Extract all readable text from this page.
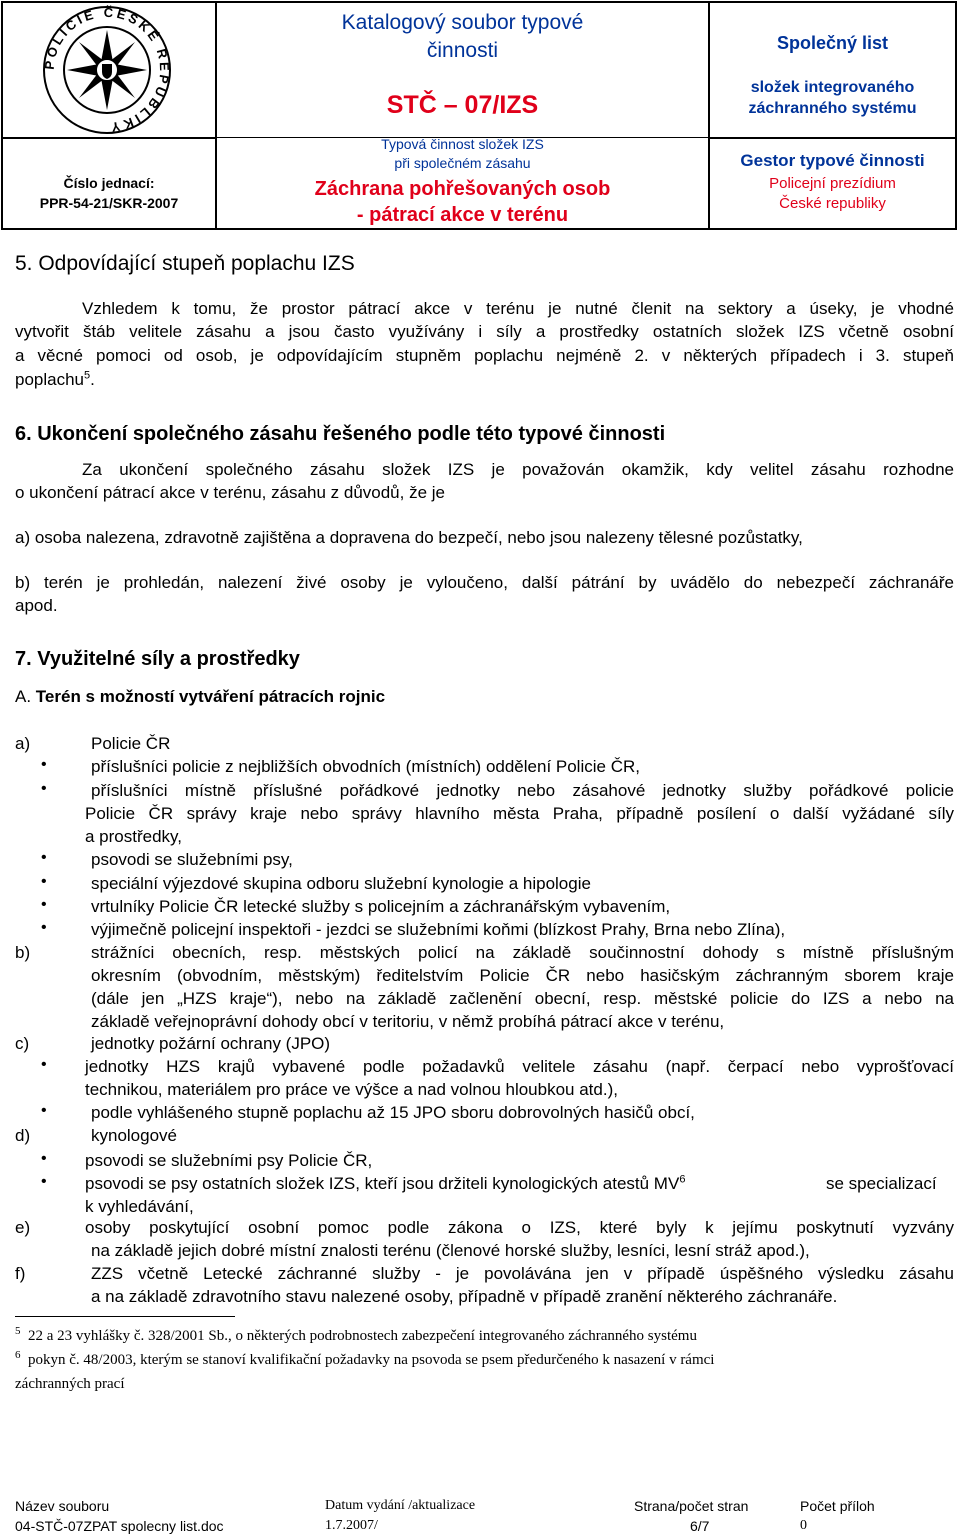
POLICIE ČESKÉ REPUBLIKY
Číslo jednací:
PPR-54-21/SKR-2007
Katalogový soubor typové
činnosti
STČ – 07/IZS
Typová činnost složek IZS
při společném zásahu
Záchrana pohřešovaných osob
- pátrací akce v terénu
Společný list
složek integrovaného
záchranného systému
Gestor typové činnosti
Policejní prezídium
České republiky
5. Odpovídající stupeň poplachu IZS
Vzhledem k tomu, že prostor pátrací akce v terénu je nutné členit na sektory a úseky, je vhodné
vytvořit štáb velitele zásahu a jsou často využívány i síly a prostředky ostatních složek IZS včetně osobní
a věcné pomoci od osob, je odpovídajícím stupněm poplachu nejméně 2. v některých případech i 3. stupeň
poplachu$^5$.
6. Ukončení společného zásahu řešeného podle této typové činnosti
Za ukončení společného zásahu složek IZS je považován okamžik, kdy velitel zásahu rozhodne
o ukončení pátrací akce v terénu, zásahu z důvodů, že je
a) osoba nalezena, zdravotně zajištěna a dopravena do bezpečí, nebo jsou nalezeny tělesné pozůstatky,
b) terén je prohledán, nalezení živé osoby je vyloučeno, další pátrání by uvádělo do nebezpečí záchranáře
apod.
7. Využitelné síly a prostředky
A. Terén s možností vytváření pátracích rojnic
a)	Policie ČR
•	příslušníci policie z nejbližších obvodních (místních) oddělení Policie ČR,
•	příslušníci místně příslušné pořádkové jednotky nebo zásahové jednotky služby pořádkové policie
Policie ČR správy kraje nebo správy hlavního města Praha, případně posílení o další vyžádané síly
a prostředky,
•	psovodi se služebními psy,
•	speciální výjezdové skupina odboru služební kynologie a hipologie
•	vrtulníky Policie ČR letecké služby s policejním a záchranářským vybavením,
•	výjimečně policejní inspektoři - jezdci se služebními koňmi (blízkost Prahy, Brna nebo Zlína),
b)	strážníci obecních, resp. městských policí na základě součinnostní dohody s místně příslušným
okresním (obvodním, městským) ředitelstvím Policie ČR nebo hasičským záchranným sborem kraje
(dále jen „HZS kraje“), nebo na základě začlenění obecní, resp. městské policie do IZS a nebo na
základě veřejnoprávní dohody obcí v teritoriu, v němž probíhá pátrací akce v terénu,
c)	jednotky požární ochrany (JPO)
• jednotky HZS krajů vybavené podle požadavků velitele zásahu (např. čerpací nebo vyprošťovací
technikou, materiálem pro práce ve výšce a nad volnou hloubkou atd.),
•	podle vyhlášeného stupně poplachu až 15 JPO sboru dobrovolných hasičů obcí,
d)	kynologové
• psovodi se služebními psy Policie ČR,
• psovodi se psy ostatních složek IZS, kteří jsou držiteli kynologických atestů $MV^6$	se specializací
k vyhledávání,
e)	osoby poskytující osobní pomoc podle zákona o IZS, které byly k jejímu poskytnutí vyzvány
na základě jejich dobré místní znalosti terénu (členové horské služby, lesníci, lesní stráž apod.),
f)	ZZS včetně Letecké záchranné služby - je povolávána jen v případě úspěšného výsledku zásahu
a na základě zdravotního stavu nalezené osoby, případně v případě zranění některého záchranáře.
$^5$ 22 a 23 vyhlášky č. 328/2001 Sb., o některých podrobnostech zabezpečení integrovaného záchranného systému
$^6$ pokyn č. 48/2003, kterým se stanoví kvalifikační požadavky na psovoda se psem předurčeného k nasazení v rámci
záchranných prací
Název souboru
04-STČ-07ZPAT spolecny list.doc
Datum vydání /aktualizace
1.7.2007/
Strana/počet stran
6/7
Počet příloh
0
